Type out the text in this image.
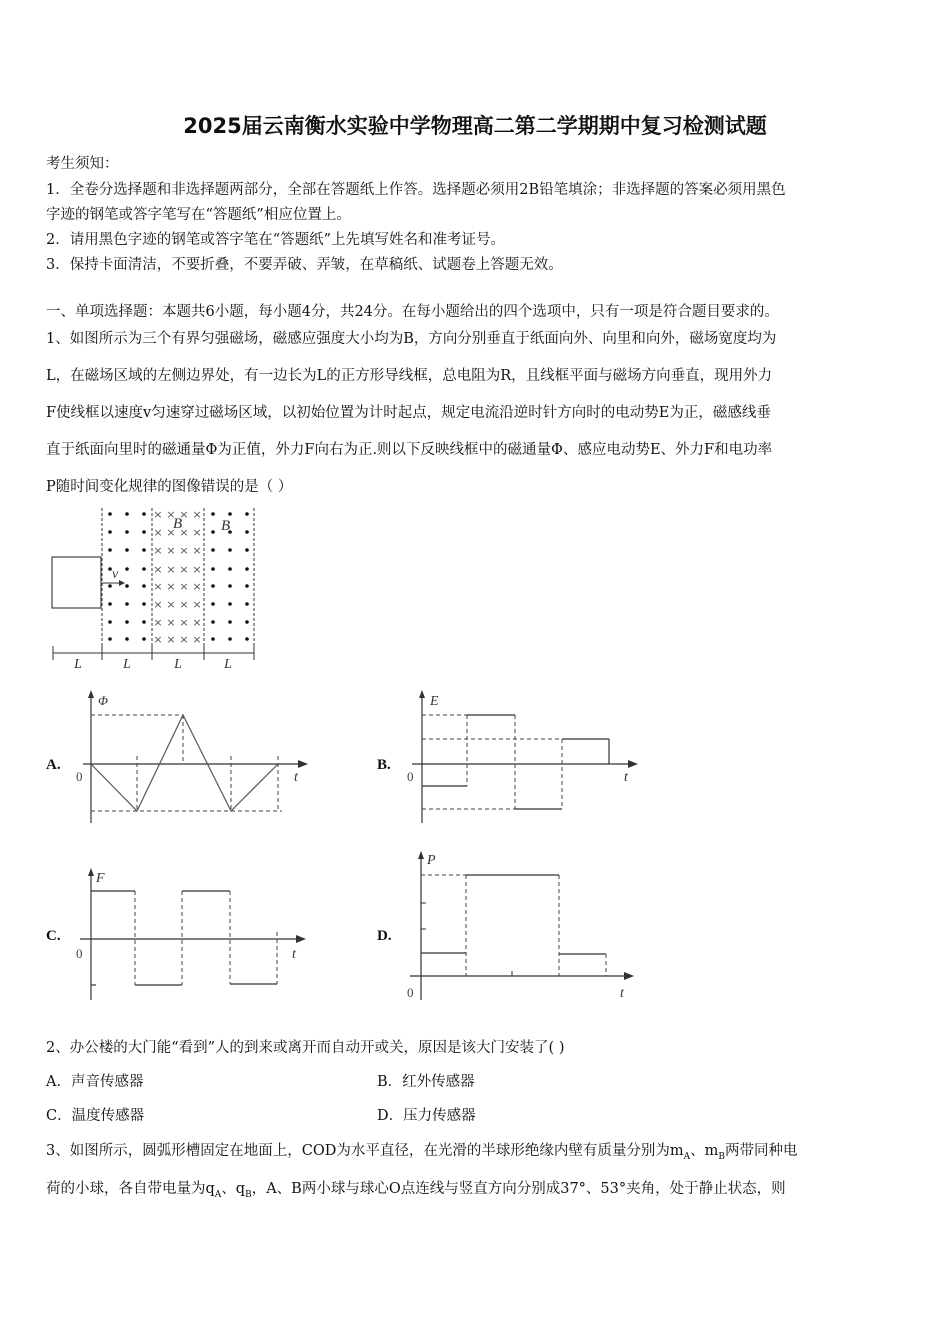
2025届云南衡水实验中学物理高二第二学期期中复习检测试题
考生须知：
1．全卷分选择题和非选择题两部分，全部在答题纸上作答。选择题必须用2B铅笔填涂；非选择题的答案必须用黑色
字迹的钢笔或答字笔写在“答题纸”相应位置上。
2．请用黑色字迹的钢笔或答字笔在“答题纸”上先填写姓名和准考证号。
3．保持卡面清洁，不要折叠，不要弄破、弄皱，在草稿纸、试题卷上答题无效。
一、单项选择题：本题共6小题，每小题4分，共24分。在每小题给出的四个选项中，只有一项是符合题目要求的。
1、如图所示为三个有界匀强磁场，磁感应强度大小均为B，方向分别垂直于纸面向外、向里和向外，磁场宽度均为
L，在磁场区域的左侧边界处，有一边长为L的正方形导线框，总电阻为R，且线框平面与磁场方向垂直，现用外力
F使线框以速度v匀速穿过磁场区域，以初始位置为计时起点，规定电流沿逆时针方向时的电动势E为正，磁感线垂
直于纸面向里时的磁通量Φ为正值，外力F向右为正.则以下反映线框中的磁通量Φ、感应电动势E、外力F和电功率
P随时间变化规律的图像错误的是（ ）
× × × ×
× × × ×
× × × ×
× × × ×
× × × ×
× × × ×
× × × ×
× × × ×
B	B
v
L	L	L	L
A.
Φ
t
0
B.
E
t
0
C.
F
t
0
D.
P
t
0
2、办公楼的大门能“看到”人的到来或离开而自动开或关，原因是该大门安装了( )
A．声音传感器	B．红外传感器
C．温度传感器	D．压力传感器
3、如图所示，圆弧形槽固定在地面上，COD为水平直径，在光滑的半球形绝缘内壁有质量分别为$m_A$、$m_B$两带同种电
荷的小球，各自带电量为$q_A$、$q_B$，A、B两小球与球心O点连线与竖直方向分别成37°、53°夹角，处于静止状态，则
